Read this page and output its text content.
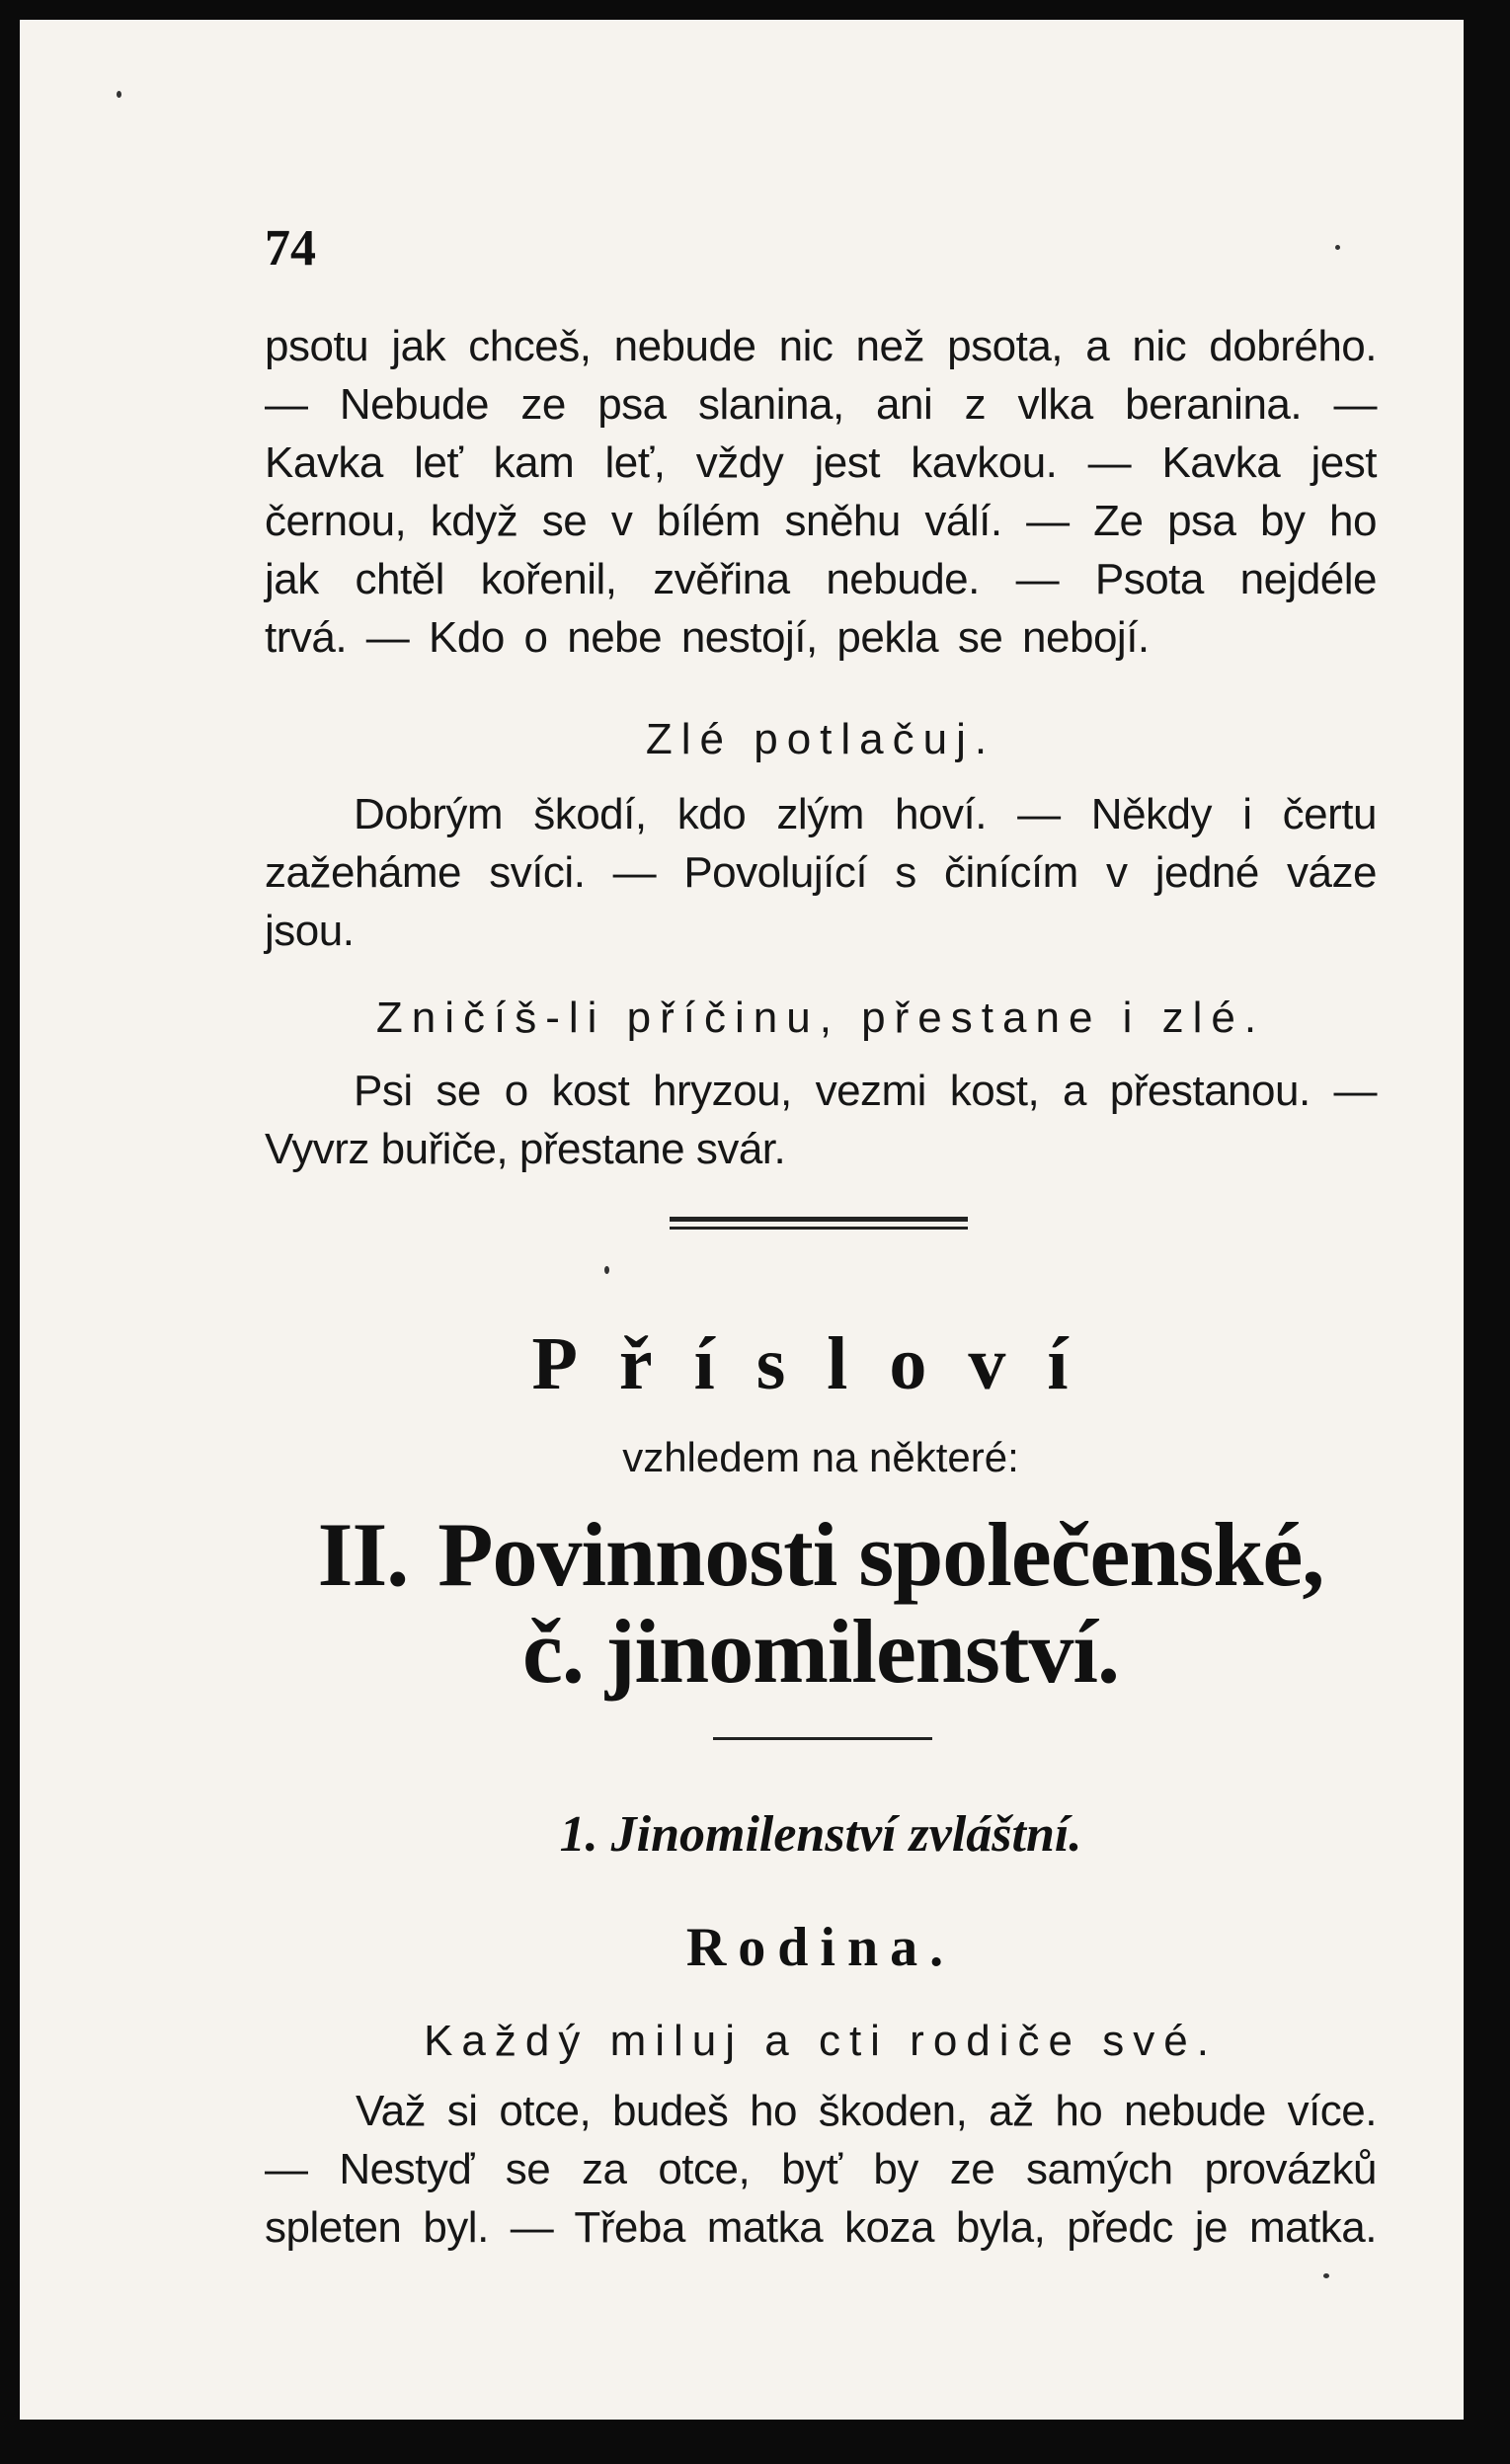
74
psotu jak chceš, nebude nic než psota, a nic dobrého.
— Nebude ze psa slanina, ani z vlka beranina. —
Kavka leť kam leť, vždy jest kavkou. — Kavka jest
černou, když se v bílém sněhu válí. — Ze psa by ho
jak chtěl kořenil, zvěřina nebude. — Psota nejdéle
trvá. — Kdo o nebe nestojí, pekla se nebojí.
Zlé potlačuj.
Dobrým škodí, kdo zlým hoví. — Někdy i čertu
zažeháme svíci. — Povolující s činícím v jedné váze
jsou.
Zničíš-li příčinu, přestane i zlé.
Psi se o kost hryzou, vezmi kost, a přestanou. —
Vyvrz buřiče, přestane svár.
Přísloví
vzhledem na některé:
II. Povinnosti společenské,
č. jinomilenství.
1. Jinomilenství zvláštní.
Rodina.
Každý miluj a cti rodiče své.
Važ si otce, budeš ho škoden, až ho nebude více.
— Nestyď se za otce, byť by ze samých provázků
spleten byl. — Třeba matka koza byla, předc je matka.
